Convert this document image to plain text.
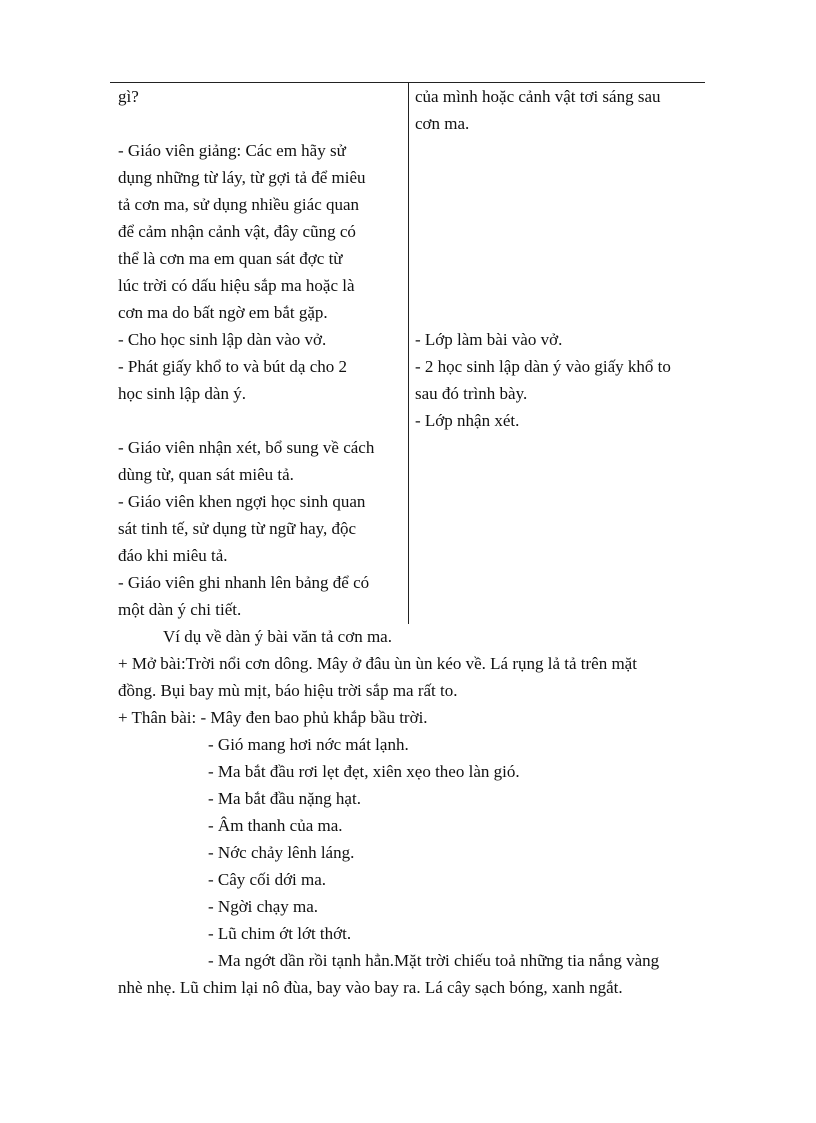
gì?
- Giáo viên giảng: Các em hãy sử
dụng những từ láy, từ gợi tả để miêu
tả cơn ma, sử dụng nhiều giác quan
để cảm nhận cảnh vật, đây cũng có
thể là cơn ma em quan sát đợc từ
lúc trời có dấu hiệu sắp ma hoặc là
cơn ma do bất ngờ em bắt gặp.
- Cho học sinh lập dàn vào vở.
- Phát giấy khổ to và bút dạ cho 2
học sinh lập dàn ý.
- Giáo viên nhận xét, bổ sung về cách
dùng từ, quan sát miêu tả.
- Giáo viên khen ngợi học sinh quan
sát tinh tế, sử dụng từ ngữ hay, độc
đáo khi miêu tả.
- Giáo viên ghi nhanh lên bảng để có
một dàn ý chi tiết.
của mình hoặc cảnh vật tơi sáng sau
cơn ma.
- Lớp làm bài vào vở.
- 2 học sinh lập dàn ý vào giấy khổ to
sau đó trình bày.
- Lớp nhận xét.
Ví dụ về dàn ý bài văn tả cơn ma.
+ Mở bài:Trời nổi cơn dông. Mây ở đâu ùn ùn kéo về. Lá rụng lả tả trên mặt
đồng. Bụi bay mù mịt, báo hiệu trời sắp ma rất to.
+ Thân bài: - Mây đen bao phủ khắp bầu trời.
- Gió mang hơi nớc mát lạnh.
- Ma bắt đầu rơi lẹt đẹt, xiên xẹo theo làn gió.
- Ma bắt đầu nặng hạt.
- Âm thanh của ma.
- Nớc chảy lênh láng.
- Cây cối dới ma.
- Ngời chạy ma.
- Lũ chim ớt lớt thớt.
- Ma ngớt dần rồi tạnh hẳn.Mặt trời chiếu toả những tia nắng vàng
nhè nhẹ. Lũ chim lại nô đùa, bay vào bay ra. Lá cây sạch bóng, xanh ngắt.
